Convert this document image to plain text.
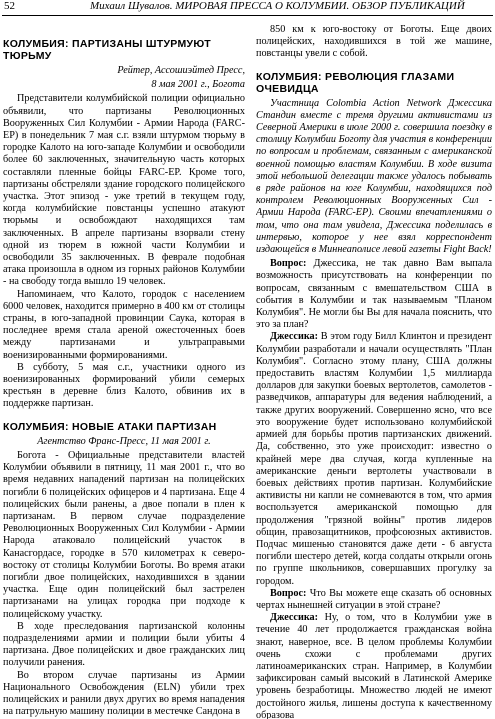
52	Михаил Шувалов. МИРОВАЯ ПРЕССА О КОЛУМБИИ. ОБЗОР ПУБЛИКАЦИЙ
КОЛУМБИЯ: ПАРТИЗАНЫ ШТУРМУЮТ ТЮРЬМУ
Рейтер, Ассошиэйтед Пресс,
8 мая 2001 г., Богота

Представители колумбийской полиции официально объявили, что партизаны Революционных Вооруженных Сил Колумбии - Армии Народа (FARC-EP) в понедельник 7 мая с.г. взяли штурмом тюрьму в городке Калото на юго-западе Колумбии и освободили более 60 заключенных, значительную часть которых составляли пленные бойцы FARC-EP. Кроме того, партизаны обстреляли здание городского полицейского участка. Этот эпизод - уже третий в текущем году, когда колумбийские повстанцы успешно атакуют тюрьмы и освобождают находящихся там заключенных. В апреле партизаны взорвали стену одной из тюрем в южной части Колумбии и освободили 35 заключенных. В феврале подобная атака произошла в одном из горных районов Колумбии - на свободу тогда вышло 19 человек.

Напоминаем, что Калото, городок с населением 6000 человек, находится примерно в 400 км от столицы страны, в юго-западной провинции Саука, которая в последнее время стала ареной ожесточенных боев между партизанами и ультраправыми военизированными формированиями.

В субботу, 5 мая с.г., участники одного из военизированных формирований убили семерых крестьян в деревне близ Калото, обвинив их в поддержке партизан.

КОЛУМБИЯ: НОВЫЕ АТАКИ ПАРТИЗАН
Агентство Франс-Пресс, 11 мая 2001 г.

Богота - Официальные представители властей Колумбии объявили в пятницу, 11 мая 2001 г., что во время недавних нападений партизан на полицейских погибли 6 полицейских офицеров и 4 партизана. Еще 4 полицейских были ранены, а двое попали в плен к партизанам. В первом случае подразделение Революционных Вооруженных Сил Колумбии - Армии Народа атаковало полицейский участок в Канасгордасе, городке в 570 километрах к северо-востоку от столицы Колумбии Боготы. Во время атаки погибли двое полицейских, находившихся в здании участка. Еще один полицейский был застрелен партизанами на улицах городка при подходе к полицейскому участку.

В ходе преследования партизанской колонны подразделениями армии и полиции были убиты 4 партизана. Двое полицейских и двое гражданских лиц получили ранения.

Во втором случае партизаны из Армии Национального Освобождения (ELN) убили трех полицейских и ранили двух других во время нападения на патрульную машину полиции в местечке Сандона в

850 км к юго-востоку от Боготы. Еще двоих полицейских, находившихся в той же машине, повстанцы увели с собой.

КОЛУМБИЯ: РЕВОЛЮЦИЯ ГЛАЗАМИ ОЧЕВИДЦА

Участница Colombia Action Network Джессика Стандин вместе с тремя другими активистами из Северной Америки в июле 2000 г. совершила поездку в столицу Колумбии Боготу для участия в конференции по вопросам и проблемам, связанным с американской военной помощью властям Колумбии. В ходе визита этой небольшой делегации также удалось побывать в ряде районов на юге Колумбии, находящихся под контролем Революционных Вооруженных Сил - Армии Народа (FARC-EP). Своими впечатлениями о том, что она там увидела, Джессика поделилась в интервью, которое у нее взял корреспондент издающейся в Миннеаполисе левой газеты Fight Back!

Вопрос: Джессика, не так давно Вам выпала возможность присутствовать на конференции по вопросам, связанным с вмешательством США в события в Колумбии и так называемым "Планом Колумбия". Не могли бы Вы для начала пояснить, что это за план?

Джессика: В этом году Билл Клинтон и президент Колумбии разработали и начали осуществлять "План Колумбия". Согласно этому плану, США должны предоставить властям Колумбии 1,5 миллиарда долларов для закупки боевых вертолетов, самолетов - разведчиков, аппаратуры для ведения наблюдений, а также других вооружений. Совершенно ясно, что все это вооружение будет использовано колумбийской армией для борьбы против партизанских движений. Да, собственно, это уже происходит: известно о крайней мере два случая, когда купленные на американские деньги вертолеты участвовали в боевых действиях против партизан. Колумбийские активисты ни капли не сомневаются в том, что армия воспользуется американской помощью для продолжения "грязной войны" против лидеров общин, правозащитников, профсоюзных активистов. Подчас мишенью становятся даже дети - 6 августа погибли шестеро детей, когда солдаты открыли огонь по группе школьников, совершавших прогулку за городом.

Вопрос: Что Вы можете еще сказать об основных чертах нынешней ситуации в этой стране?

Джессика: Ну, о том, что в Колумбии уже в течение 40 лет продолжается гражданская война знают, наверное, все. В целом проблемы Колумбии очень схожи с проблемами других латиноамериканских стран. Например, в Колумбии зафиксирован самый высокий в Латинской Америке уровень безработицы. Множество людей не имеют достойного жилья, лишены доступа к качественному образова
